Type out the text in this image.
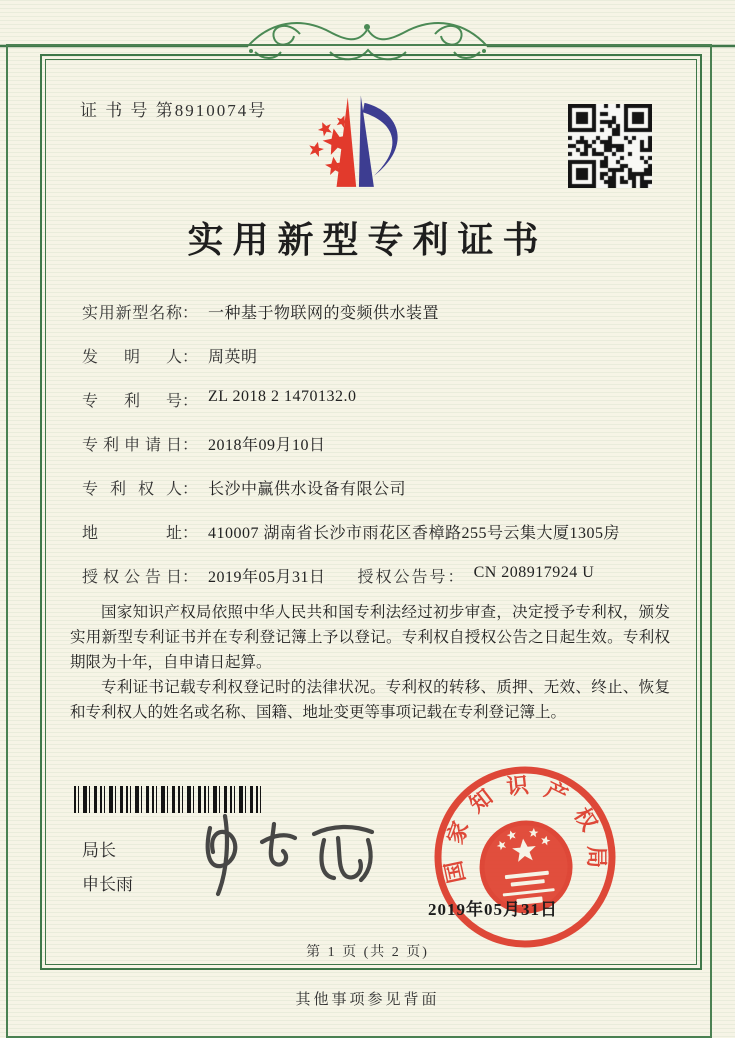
证 书 号 第8910074号
实用新型专利证书
实用新型名称 ： 一种基于物联网的变频供水装置
发明人 ： 周英明
专利号 ： ZL 2018 2 1470132.0
专利申请日 ： 2018年09月10日
专利权人 ： 长沙中赢供水设备有限公司
地址 ： 410007 湖南省长沙市雨花区香樟路255号云集大厦1305房
授权公告日 ： 2019年05月31日 授权公告号 ： CN 208917924 U

国家知识产权局依照中华人民共和国专利法经过初步审查，决定授予专利权，颁发实用新型专利证书并在专利登记簿上予以登记。专利权自授权公告之日起生效。专利权期限为十年，自申请日起算。

专利证书记载专利权登记时的法律状况。专利权的转移、质押、无效、终止、恢复和专利权人的姓名或名称、国籍、地址变更等事项记载在专利登记簿上。

局长
申长雨	国
家
知 识 产
权
局
2019年05月31日
第 1 页 (共 2 页)
其他事项参见背面
